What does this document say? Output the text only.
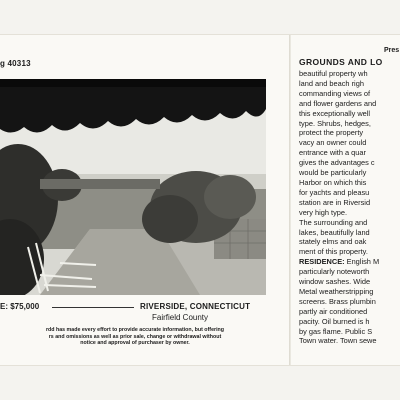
g 40313
E: $75,000	RIVERSIDE, CONNECTICUT
Fairfield County
rdd has made every effort to provide accurate information, but offering
rs and omissions as well as prior sale, change or withdrawal without
notice and approval of purchaser by owner.
Pres
GROUNDS AND LO
beautiful property wh
land and beach righ
commanding views of
and flower gardens and
this exceptionally well
type. Shrubs, hedges,
protect the property
vacy an owner could
entrance with a quar
gives the advantages c
would be particularly
Harbor on which this
for yachts and pleasu
station are in Riversid
very high type.
The surrounding and
lakes, beautifully land
stately elms and oak
ment of this property.
RESIDENCE: English M
particularly noteworth
window sashes. Wide
Metal weatherstripping
screens. Brass plumbin
partly air conditioned
pacity. Oil burned is h
by gas flame. Public S
Town water. Town sewe
